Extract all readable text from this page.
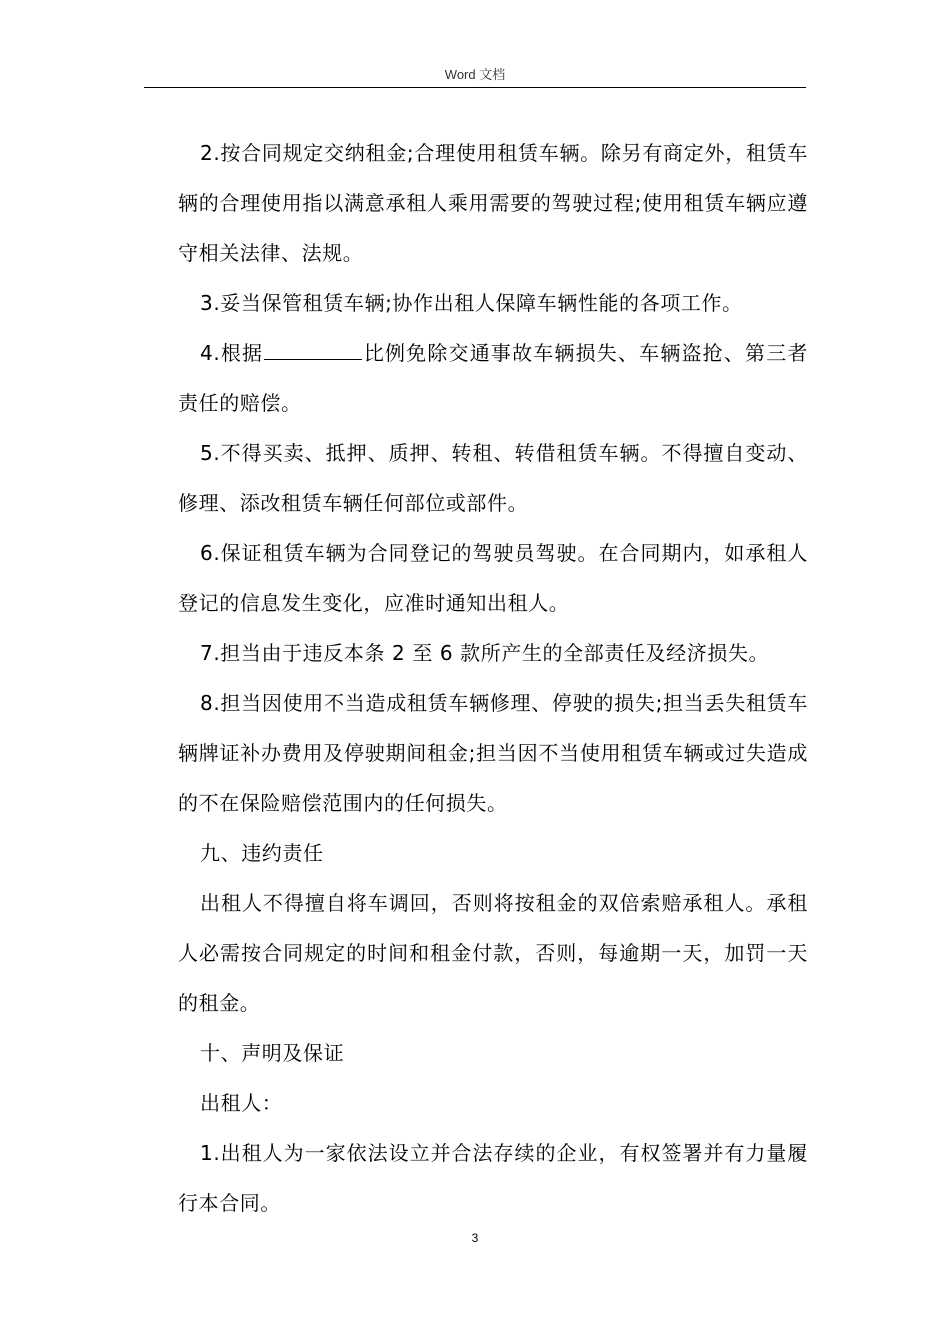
Word 文档

2.按合同规定交纳租金;合理使用租赁车辆。除另有商定外，租赁车辆的合理使用指以满意承租人乘用需要的驾驶过程;使用租赁车辆应遵守相关法律、法规。

3.妥当保管租赁车辆;协作出租人保障车辆性能的各项工作。

4.根据	比例免除交通事故车辆损失、车辆盗抢、第三者责任的赔偿。

5.不得买卖、抵押、质押、转租、转借租赁车辆。不得擅自变动、修理、添改租赁车辆任何部位或部件。

6.保证租赁车辆为合同登记的驾驶员驾驶。在合同期内，如承租人登记的信息发生变化，应准时通知出租人。

7.担当由于违反本条 2 至 6 款所产生的全部责任及经济损失。

8.担当因使用不当造成租赁车辆修理、停驶的损失;担当丢失租赁车辆牌证补办费用及停驶期间租金;担当因不当使用租赁车辆或过失造成的不在保险赔偿范围内的任何损失。

九、违约责任

出租人不得擅自将车调回，否则将按租金的双倍索赔承租人。承租人必需按合同规定的时间和租金付款，否则，每逾期一天，加罚一天的租金。

十、声明及保证

出租人：

1.出租人为一家依法设立并合法存续的企业，有权签署并有力量履行本合同。

3
